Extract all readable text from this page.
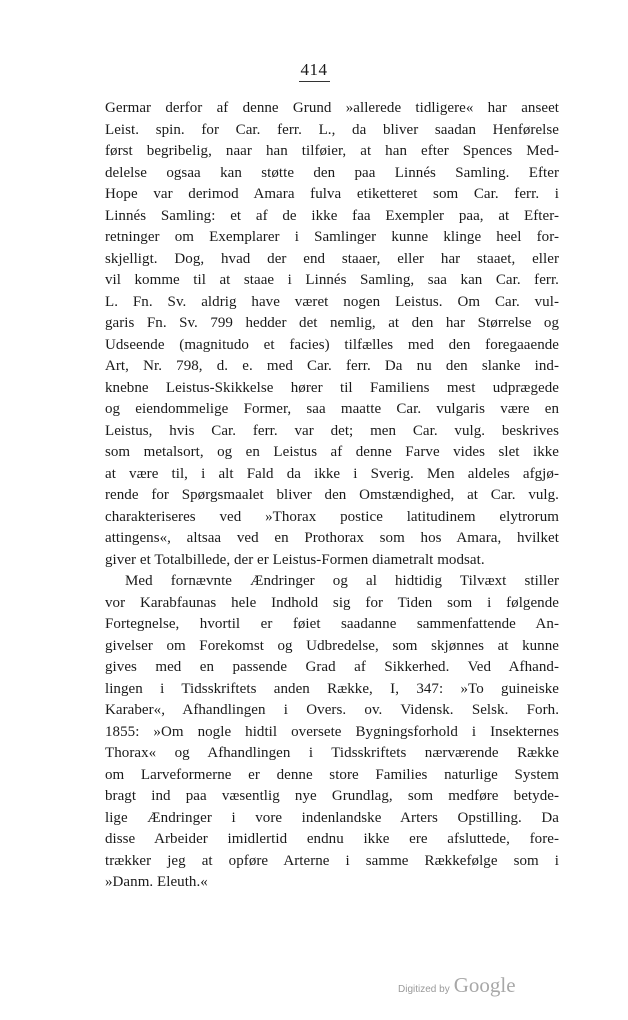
414
Germar derfor af denne Grund »allerede tidligere« har anseet
Leist. spin. for Car. ferr. L., da bliver saadan Henførelse
først begribelig, naar han tilføier, at han efter Spences Med-
delelse ogsaa kan støtte den paa Linnés Samling. Efter
Hope var derimod Amara fulva etiketteret som Car. ferr. i
Linnés Samling: et af de ikke faa Exempler paa, at Efter-
retninger om Exemplarer i Samlinger kunne klinge heel for-
skjelligt. Dog, hvad der end staaer, eller har staaet, eller
vil komme til at staae i Linnés Samling, saa kan Car. ferr.
L. Fn. Sv. aldrig have været nogen Leistus. Om Car. vul-
garis Fn. Sv. 799 hedder det nemlig, at den har Størrelse og
Udseende (magnitudo et facies) tilfælles med den foregaaende
Art, Nr. 798, d. e. med Car. ferr. Da nu den slanke ind-
knebne Leistus-Skikkelse hører til Familiens mest udprægede
og eiendommelige Former, saa maatte Car. vulgaris være en
Leistus, hvis Car. ferr. var det; men Car. vulg. beskrives
som metalsort, og en Leistus af denne Farve vides slet ikke
at være til, i alt Fald da ikke i Sverig. Men aldeles afgjø-
rende for Spørgsmaalet bliver den Omstændighed, at Car. vulg.
charakteriseres ved »Thorax postice latitudinem elytrorum
attingens«, altsaa ved en Prothorax som hos Amara, hvilket
giver et Totalbillede, der er Leistus-Formen diametralt modsat.
Med fornævnte Ændringer og al hidtidig Tilvæxt stiller
vor Karabfaunas hele Indhold sig for Tiden som i følgende
Fortegnelse, hvortil er føiet saadanne sammenfattende An-
givelser om Forekomst og Udbredelse, som skjønnes at kunne
gives med en passende Grad af Sikkerhed. Ved Afhand-
lingen i Tidsskriftets anden Række, I, 347: »To guineiske
Karaber«, Afhandlingen i Overs. ov. Vidensk. Selsk. Forh.
1855: »Om nogle hidtil oversete Bygningsforhold i Insekternes
Thorax« og Afhandlingen i Tidsskriftets nærværende Række
om Larveformerne er denne store Families naturlige System
bragt ind paa væsentlig nye Grundlag, som medføre betyde-
lige Ændringer i vore indenlandske Arters Opstilling. Da
disse Arbeider imidlertid endnu ikke ere afsluttede, fore-
trækker jeg at opføre Arterne i samme Rækkefølge som i
»Danm. Eleuth.«
Digitized by Google
